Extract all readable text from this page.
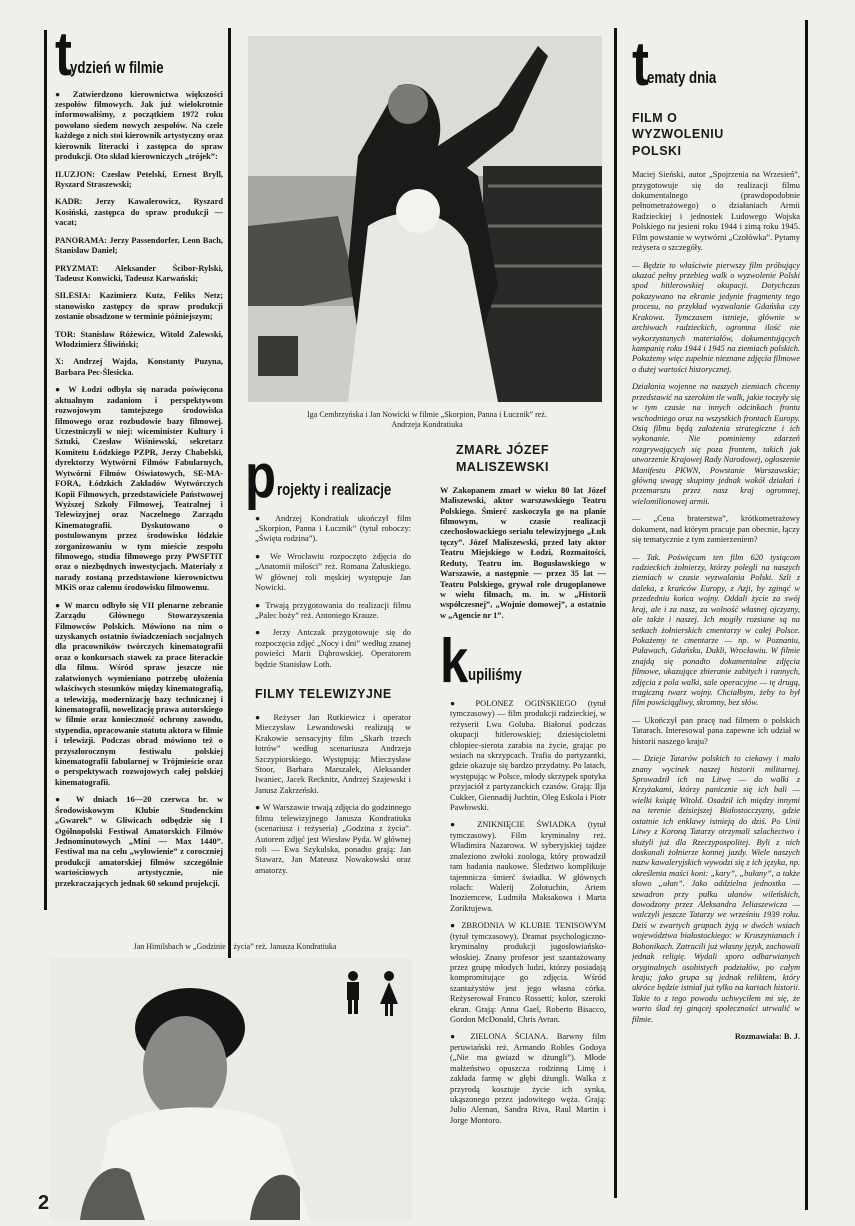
t
ydzień w filmie

● Zatwierdzono kierownictwa większości zespołów filmowych. Jak już wielokrotnie informowaliśmy, z początkiem 1972 roku powołano siedem nowych zespołów. Na czele każdego z nich stoi kierownik artystyczny oraz kierownik literacki i zastępca do spraw produkcji. Oto skład kierowniczych „trójek”:

ILUZJON: Czesław Petelski, Ernest Bryll, Ryszard Straszewski;

KADR: Jerzy Kawalerowicz, Ryszard Kosiński, zastępca do spraw produkcji — vacat;

PANORAMA: Jerzy Passendorfer, Leon Bach, Stanisław Daniel;

PRYZMAT: Aleksander Ścibor-Rylski, Tadeusz Konwicki, Tadeusz Karwański;

SILESIA: Kazimierz Kutz, Feliks Netz; stanowisko zastępcy do spraw produkcji zostanie obsadzone w terminie późniejszym;

TOR: Stanisław Różewicz, Witold Zalewski, Włodzimierz Śliwiński;

X: Andrzej Wajda, Konstanty Puzyna, Barbara Pec-Ślesicka.

● W Łodzi odbyła się narada poświęcona aktualnym zadaniom i perspektywom rozwojowym tamtejszego środowiska filmowego oraz rozbudowie bazy filmowej. Uczestniczyli w niej: wiceminister Kultury i Sztuki, Czesław Wiśniewski, sekretarz Komitetu Łódzkiego PZPR, Jerzy Chabelski, dyrektorzy Wytwórni Filmów Fabularnych, Wytwórni Filmów Oświatowych, SE-MA-FORA, Łódzkich Zakładów Wytwórczych Kopii Filmowych, przedstawiciele Państwowej Wyższej Szkoły Filmowej, Teatralnej i Telewizyjnej oraz Naczelnego Zarządu Kinematografii. Dyskutowano o postulowanym przez środowisko łódzkie zorganizowaniu w tym mieście zespołu filmowego, studia filmowego przy PWSFTiT oraz o niezbędnych inwestycjach. Materiały z narady zostaną przedstawione kierownictwu MKiS oraz całemu środowisku filmowemu.

● W marcu odbyło się VII plenarne zebranie Zarządu Głównego Stowarzyszenia Filmowców Polskich. Mówiono na nim o uzyskanych ostatnio świadczeniach socjalnych dla pracowników twórczych kinematografii oraz o konkursach stawek za prace literackie dla filmu. Wśród spraw jeszcze nie załatwionych wymieniano potrzebę ułożenia właściwych stosunków między kinematografią, a telewizją, modernizację bazy technicznej i kinematografii, nowelizację prawa autorskiego w filmie oraz konieczność ochrony zawodu, stypendia, opracowanie statutu aktora w filmie i telewizji. Podczas obrad mówiono też o przyszłorocznym festiwalu polskiej kinematografii fabularnej w Trójmieście oraz o perspektywach rozwojowych całej polskiej kinematografii.

● W dniach 16—20 czerwca br. w Środowiskowym Klubie Studenckim „Gwarek” w Gliwicach odbędzie się I Ogólnopolski Festiwal Amatorskich Filmów Jednominutowych „Mini — Max 1440”. Festiwal ma na celu „wyłowienie” z coroczniej produkcji amatorskiej filmów szczególnie wartościowych artystycznie, nie przekraczających jednak 60 sekund projekcji.

Iga Cembrzyńska i Jan Nowicki w filmie „Skorpion, Panna i Łucznik” reż. Andrzeja Kondratiuka
p rojekty i realizacje

● Andrzej Kondratiuk ukończył film „Skorpion, Panna i Łucznik” (tytuł roboczy: „Święta rodzina”).

● We Wrocławiu rozpoczęto zdjęcia do „Anatomii miłości” reż. Romana Załuskiego. W głównej roli męskiej występuje Jan Nowicki.

● Trwają przygotowania do realizacji filmu „Palec boży” reż. Antoniego Krauze.

● Jerzy Antczak przygotowuje się do rozpoczęcia zdjęć „Nocy i dni” według znanej powieści Marii Dąbrowskiej. Operatorem będzie Stanisław Loth.

FILMY TELEWIZYJNE

● Reżyser Jan Rutkiewicz i operator Mieczysław Lewandowski realizują w Krakowie sensacyjny film „Skarb trzech łotrów” według scenariusza Andrzeja Szczypiorskiego. Występują: Mieczysław Stoor, Barbara Marszałek, Aleksander Iwaniec, Jacek Recknitz, Andrzej Szajewski i Janusz Zakrzeński.

● W Warszawie trwają zdjęcia do godzinnego filmu telewizyjnego Janusza Kondratiuka (scenariusz i reżyseria) „Godzina z życia”. Autorem zdjęć jest Wiesław Pyda. W głównej roli — Ewa Szykulska, ponadto grają: Jan Stawarz, Jan Mateusz Nowakowski oraz amatorzy.

Jan Himilsbach w „Godzinie z życia” reż. Janusza Kondratiuka
2
ZMARŁ JÓZEF MALISZEWSKI

W Zakopanem zmarł w wieku 80 lat Józef Maliszewski, aktor warszawskiego Teatru Polskiego. Śmierć zaskoczyła go na planie filmowym, w czasie realizacji czechosłowackiego serialu telewizyjnego „Łuk tęczy”. Józef Maliszewski, przed laty aktor Teatru Miejskiego w Łodzi, Rozmaitości, Reduty, Teatru im. Bogusławskiego w Warszawie, a następnie — przez 35 lat — Teatru Polskiego, grywał role drugoplanowe w wielu filmach, m. in. w „Historii współczesnej”, „Wojnie domowej”, a ostatnio w „Agencie nr 1”.

k upiliśmy

● POLONEZ OGIŃSKIEGO (tytuł tymczasowy) — film produkcji radzieckiej, w reżyserii Lwa Goluba. Białoruś podczas okupacji hitlerowskiej; dziesięcioletni chłopiec-sierota zarabia na życie, grając po wsiach na skrzypcach. Trafia do partyzantki, gdzie okazuje się bardzo przydatny. Po latach, występując w Polsce, młody skrzypek spotyka przyjaciół z partyzanckich czasów. Grają: Ilja Cukker, Giennadij Juchtin, Oleg Eskola i Piotr Pawłowski.

● ZNIKNIĘCIE ŚWIADKA (tytuł tymczasowy). Film kryminalny reż. Władimira Nazarowa. W syberyjskiej tajdze znaleziono zwłoki zoologa, który prowadził tam badania naukowe. Śledztwo komplikuje tajemnicza śmierć świadka. W głównych rolach: Walerij Zołotuchin, Artem Inoziemcew, Ludmiła Maksakowa i Marta Zoriktujewa.

● ZBRODNIA W KLUBIE TENISOWYM (tytuł tymczasowy). Dramat psychologiczno-kryminalny produkcji jugosłowiańsko-włoskiej. Znany profesor jest szantażowany przez grupę młodych ludzi, którzy posiadają kompromitujące go zdjęcia. Wśród szantażystów jest jego własna córka. Reżyserował Franco Rossetti; kolor, szeroki ekran. Grają: Anna Gael, Roberto Bisacco, Gordon McDonald, Chris Avran.

● ZIELONA ŚCIANA. Barwny film peruwiański reż. Armando Robles Godoya („Nie ma gwiazd w dżungli”). Młode małżeństwo opuszcza rodzinną Limę i zakłada farmę w głębi dżungli. Walka z przyrodą kosztuje życie ich synka, ukąszonego przez jadowitego węża. Grają: Julio Aleman, Sandra Riva, Raul Martin i Jorge Montoro.

t
ematy dnia
FILM O WYZWOLENIU POLSKI

Maciej Sieński, autor „Spojrzenia na Wrzesień”, przygotowuje się do realizacji filmu dokumentalnego (prawdopodobnie pełnometrażowego) o działaniach Armii Radzieckiej i jednostek Ludowego Wojska Polskiego na jesieni roku 1944 i zimą roku 1945. Film powstanie w wytwórni „Czołówka”. Pytamy reżysera o szczegóły.

— Będzie to właściwie pierwszy film próbujący ukazać pełny przebieg walk o wyzwolenie Polski spod hitlerowskiej okupacji. Dotychczas pokazywano na ekranie jedynie fragmenty tego procesu, na przykład wyzwalanie Gdańska czy Krakowa. Tymczasem istnieje, głównie w archiwach radzieckich, ogromna ilość nie wykorzystanych materiałów, dokumentujących kampanię roku 1944 i 1945 na ziemiach polskich. Pokażemy więc zupełnie nieznane zdjęcia filmowe o dużej wartości historycznej.

Działania wojenne na naszych ziemiach chcemy przedstawić na szerokim tle walk, jakie toczyły się w tym czasie na innych odcinkach frontu wschodniego oraz na wszystkich frontach Europy. Osią filmu będą założenia strategiczne i ich wykonanie. Nie pominiemy zdarzeń rozgrywających się poza frontem, takich jak utworzenie Krajowej Rady Narodowej, ogłoszenie Manifestu PKWN, Powstanie Warszawskie; główną uwagę skupimy jednak wokół działań i przemarszu przez nasz kraj ogromnej, wielomilionowej armii.

— „Cena braterstwa”, krótkometrażowy dokument, nad którym pracuje pan obecnie, łączy się tematycznie z tym zamierzeniem?

— Tak. Poświęcam ten film 620 tysiącom radzieckich żołnierzy, którzy polegli na naszych ziemiach w czasie wyzwalania Polski. Szli z daleka, z krańców Europy, z Azji, by zginąć w przededniu końca wojny. Oddali życie za swój kraj, ale i za nasz, za wolność własnej ojczyzny, ale także i naszej. Ich mogiły rozsiane są na setkach żołnierskich cmentarzy w całej Polsce. Pokażemy te cmentarze — np. w Poznaniu, Puławach, Gdańsku, Dukli, Wrocławiu. W filmie znajdą się ponadto dokumentalne zdjęcia filmowe, ukazujące zbieranie zabitych i rannych, zdjęcia z pola walki, sale operacyjne — tę drugą, tragiczną twarz wojny. Chciałbym, żeby to był film powściągliwy, skromny, bez słów.

— Ukończył pan pracę nad filmem o polskich Tatarach. Interesowal pana zapewne ich udział w historii naszego kraju?

— Dzieje Tatarów polskich to ciekawy i mało znany wycinek naszej historii militarnej. Sprowadził ich na Litwę — do walki z Krzyżakami, którzy panicznie się ich bali — wielki książę Witold. Osadził ich między innymi na terenie dzisiejszej Białostocczyzny, gdzie ostatnie ich enklawy istnieją do dziś. Po Unii Litwy z Koroną Tatarzy otrzymali szlachectwo i służyli już dla Rzeczypospolitej. Byli z nich doskonali żołnierze konnej jazdy. Wiele naszych nazw kawaleryjskich wywodzi się z ich języka, np. określenia maści koni: „kary”, „bułany”, a także słowo „ułan”. Jako oddzielna jednostka — szwadron przy pułku ułanów wileńskich, dowodzony przez Aleksandra Jeliaszewicza — walczyli jeszcze Tatarzy we wrześniu 1939 roku. Dziś w zwartych grupach żyją w dwóch wsiach województwa białostockiego: w Kruszynianach i Bohonikach. Zatracili już własny język, zachowali jednak religię. Wydali sporo odbarwianych oryginalnych osobistych podziałów, po całym kraju; jako grupa są jednak reliktem, który ukróce będzie istniał już tylko na kartach historii. Takie to z tego powodu uchwyciłem mi się, że warto ślad tej ginącej społeczności utrwalić w filmie.

Rozmawiała: B. J.
